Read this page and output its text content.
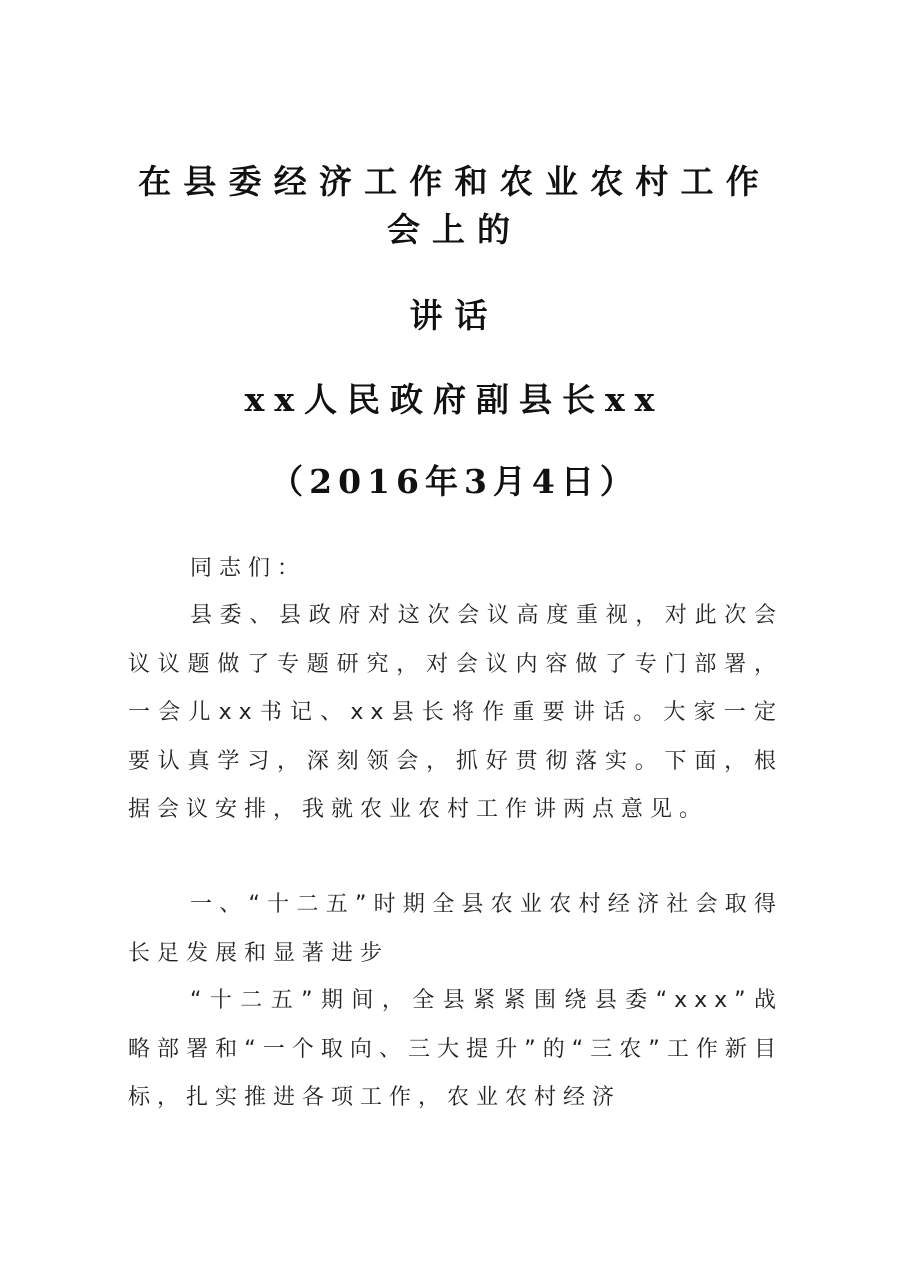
在县委经济工作和农业农村工作
会上的
讲话
xx人民政府副县长xx
（2016年3月4日）
同志们：
县委、县政府对这次会议高度重视，对此次会议议题做了专题研究，对会议内容做了专门部署，一会儿xx书记、xx县长将作重要讲话。大家一定要认真学习，深刻领会，抓好贯彻落实。下面，根据会议安排，我就农业农村工作讲两点意见。
一、“十二五”时期全县农业农村经济社会取得长足发展和显著进步
“十二五”期间，全县紧紧围绕县委“xxx”战略部署和“一个取向、三大提升”的“三农”工作新目标，扎实推进各项工作，农业农村经济
